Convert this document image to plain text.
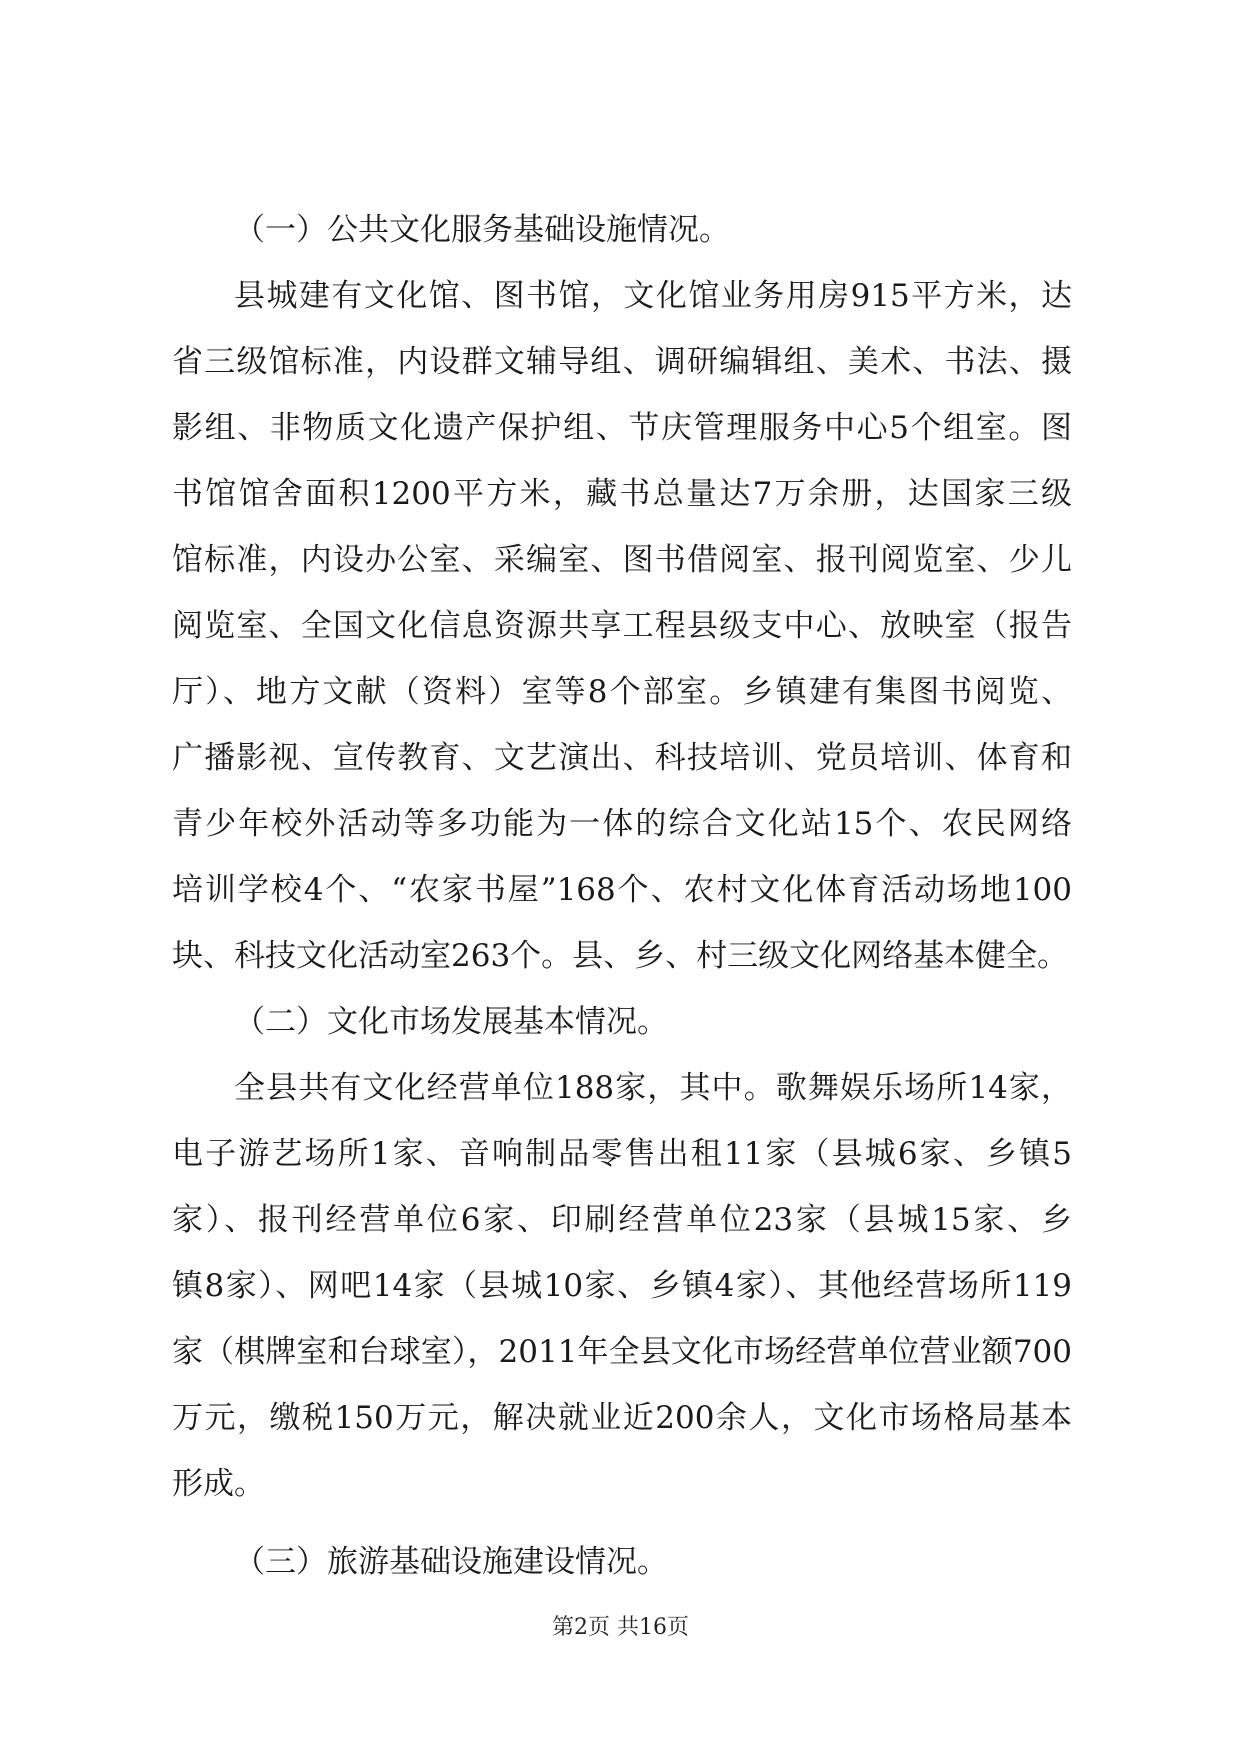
（一）公共文化服务基础设施情况。
县城建有文化馆、图书馆，文化馆业务用房915平方米，达
省三级馆标准，内设群文辅导组、调研编辑组、美术、书法、摄
影组、非物质文化遗产保护组、节庆管理服务中心5个组室。图
书馆馆舍面积1200平方米，藏书总量达7万余册，达国家三级
馆标准，内设办公室、采编室、图书借阅室、报刊阅览室、少儿
阅览室、全国文化信息资源共享工程县级支中心、放映室（报告
厅）、地方文献（资料）室等8个部室。乡镇建有集图书阅览、
广播影视、宣传教育、文艺演出、科技培训、党员培训、体育和
青少年校外活动等多功能为一体的综合文化站15个、农民网络
培训学校4个、“农家书屋”168个、农村文化体育活动场地100
块、科技文化活动室263个。县、乡、村三级文化网络基本健全。
（二）文化市场发展基本情况。
全县共有文化经营单位188家，其中。歌舞娱乐场所14家，
电子游艺场所1家、音响制品零售出租11家（县城6家、乡镇5
家）、报刊经营单位6家、印刷经营单位23家（县城15家、乡
镇8家）、网吧14家（县城10家、乡镇4家）、其他经营场所119
家（棋牌室和台球室），2011年全县文化市场经营单位营业额700
万元，缴税150万元，解决就业近200余人，文化市场格局基本
形成。
（三）旅游基础设施建设情况。
第2页 共16页
